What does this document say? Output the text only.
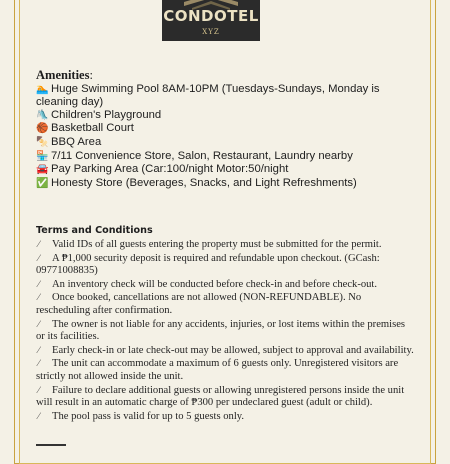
CONDOTEL
XYZ
Amenities:
🏊 Huge Swimming Pool 8AM-10PM (Tuesdays-Sundays, Monday is cleaning day)
🛝 Children's Playground
🏀 Basketball Court
🍢 BBQ Area
🏪 7/11 Convenience Store, Salon, Restaurant, Laundry nearby
🚘 Pay Parking Area (Car:100/night Motor:50/night
✅ Honesty Store (Beverages, Snacks, and Light Refreshments)
Terms and Conditions
⁄ Valid IDs of all guests entering the property must be submitted for the permit.
⁄ A ₱1,000 security deposit is required and refundable upon checkout. (GCash: 09771008835)
⁄ An inventory check will be conducted before check-in and before check-out.
⁄ Once booked, cancellations are not allowed (NON-REFUNDABLE). No rescheduling after confirmation.
⁄ The owner is not liable for any accidents, injuries, or lost items within the premises or its facilities.
⁄ Early check-in or late check-out may be allowed, subject to approval and availability.
⁄ The unit can accommodate a maximum of 6 guests only. Unregistered visitors are strictly not allowed inside the unit.
⁄ Failure to declare additional guests or allowing unregistered persons inside the unit will result in an automatic charge of ₱300 per undeclared guest (adult or child).
⁄ The pool pass is valid for up to 5 guests only.
